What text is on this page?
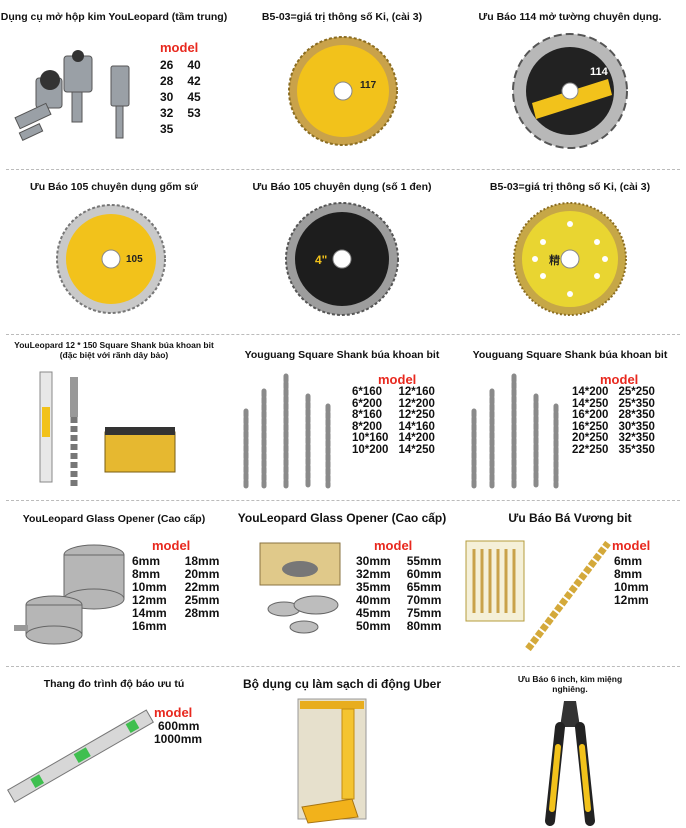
Dụng cụ mở hộp kim YouLeopard (tầm trung)
model
26 40
28 42
30 45
32 53
35
B5-03=giá trị thông số Ki, (cài 3)
117
Ưu Báo 114 mở tường chuyên dụng.
114
Ưu Báo 105 chuyên dụng gốm sứ
105
Ưu Báo 105 chuyên dụng (số 1 đen)
4"
B5-03=giá trị thông số Ki, (cài 3)
精
YouLeopard 12 * 150 Square Shank búa khoan bit
(đặc biệt với rãnh dây bảo)	Youguang Square Shank búa khoan bit
model
6*160	12*160
6*200	12*200
8*160	12*250
8*200	14*160
10*160 14*200
10*200 14*250
Youguang Square Shank búa khoan bit
model
14*200 25*250
14*250 25*350
16*200 28*350
16*250 30*350
20*250 32*350
22*250 35*350
YouLeopard Glass Opener (Cao cấp)
model
6mm	18mm
8mm	20mm
10mm 22mm
12mm 25mm
14mm 28mm
16mm
YouLeopard Glass Opener (Cao cấp)
model
30mm 55mm
32mm 60mm
35mm 65mm
40mm 70mm
45mm 75mm
50mm 80mm
Ưu Báo Bá Vương bit
model
6mm
8mm
10mm
12mm
Thang đo trình độ báo ưu tú
model
600mm
1000mm
Bộ dụng cụ làm sạch di động Uber	Ưu Báo 6 inch, kìm miệng nghiêng.
